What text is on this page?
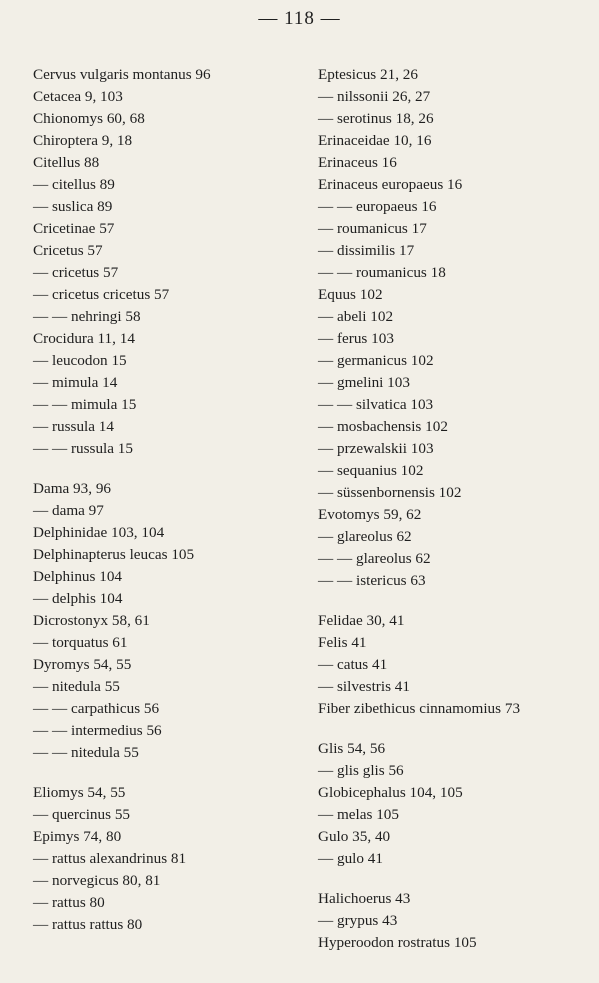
— 118 —
Cervus vulgaris montanus 96
Cetacea 9, 103
Chionomys 60, 68
Chiroptera 9, 18
Citellus 88
— citellus 89
— suslica 89
Cricetinae 57
Cricetus 57
— cricetus 57
— cricetus cricetus 57
— — nehringi 58
Crocidura 11, 14
— leucodon 15
— mimula 14
— — mimula 15
— russula 14
— — russula 15
Dama 93, 96
— dama 97
Delphinidae 103, 104
Delphinapterus leucas 105
Delphinus 104
— delphis 104
Dicrostonyx 58, 61
— torquatus 61
Dyromys 54, 55
— nitedula 55
— — carpathicus 56
— — intermedius 56
— — nitedula 55
Eliomys 54, 55
— quercinus 55
Epimys 74, 80
— rattus alexandrinus 81
— norvegicus 80, 81
— rattus 80
— rattus rattus 80
Eptesicus 21, 26
— nilssonii 26, 27
— serotinus 18, 26
Erinaceidae 10, 16
Erinaceus 16
Erinaceus europaeus 16
— — europaeus 16
— roumanicus 17
— dissimilis 17
— — roumanicus 18
Equus 102
— abeli 102
— ferus 103
— germanicus 102
— gmelini 103
— — silvatica 103
— mosbachensis 102
— przewalskii 103
— sequanius 102
— süssenbornensis 102
Evotomys 59, 62
— glareolus 62
— — glareolus 62
— — istericus 63
Felidae 30, 41
Felis 41
— catus 41
— silvestris 41
Fiber zibethicus cinnamomius 73
Glis 54, 56
— glis glis 56
Globicephalus 104, 105
— melas 105
Gulo 35, 40
— gulo 41
Halichoerus 43
— grypus 43
Hyperoodon rostratus 105
